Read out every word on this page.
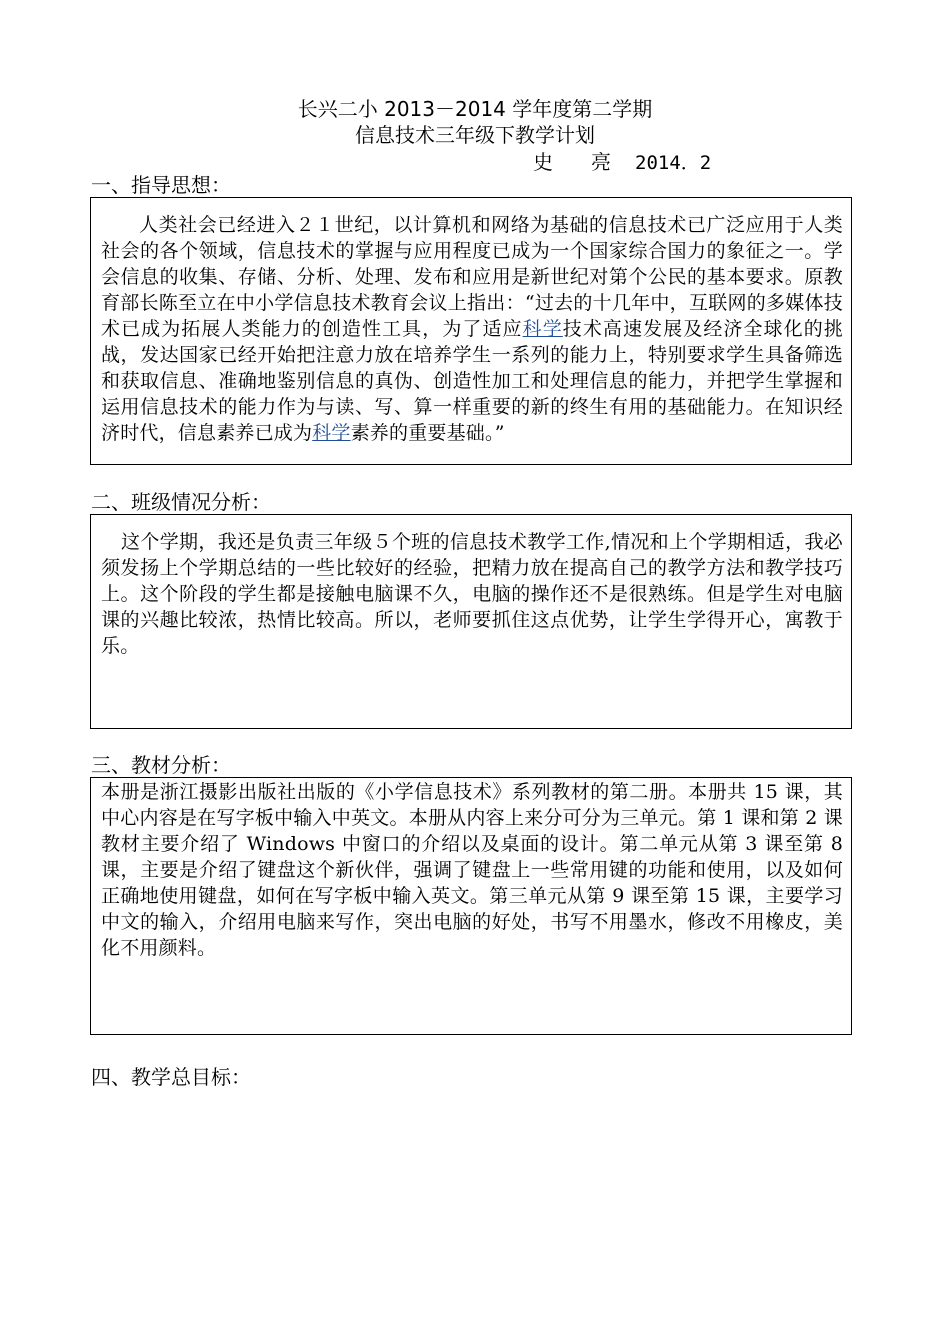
长兴二小 2013－2014 学年度第二学期
信息技术三年级下教学计划
史 亮 2014．2
一、指导思想：

人类社会已经进入２１世纪，以计算机和网络为基础的信息技术已广泛应用于人类社会的各个领域，信息技术的掌握与应用程度已成为一个国家综合国力的象征之一。学会信息的收集、存储、分析、处理、发布和应用是新世纪对第个公民的基本要求。原教育部长陈至立在中小学信息技术教育会议上指出：“过去的十几年中，互联网的多媒体技术已成为拓展人类能力的创造性工具，为了适应科学技术高速发展及经济全球化的挑战，发达国家已经开始把注意力放在培养学生一系列的能力上，特别要求学生具备筛选和获取信息、准确地鉴别信息的真伪、创造性加工和处理信息的能力，并把学生掌握和运用信息技术的能力作为与读、写、算一样重要的新的终生有用的基础能力。在知识经济时代，信息素养已成为科学素养的重要基础。”

二、班级情况分析：

这个学期，我还是负责三年级５个班的信息技术教学工作,情况和上个学期相适，我必须发扬上个学期总结的一些比较好的经验，把精力放在提高自己的教学方法和教学技巧上。这个阶段的学生都是接触电脑课不久，电脑的操作还不是很熟练。但是学生对电脑课的兴趣比较浓，热情比较高。所以，老师要抓住这点优势，让学生学得开心，寓教于乐。

三、教材分析：

本册是浙江摄影出版社出版的《小学信息技术》系列教材的第二册。本册共 15 课，其中心内容是在写字板中输入中英文。本册从内容上来分可分为三单元。第 1 课和第 2 课教材主要介绍了 Windows 中窗口的介绍以及桌面的设计。第二单元从第 3 课至第 8 课，主要是介绍了键盘这个新伙伴，强调了键盘上一些常用键的功能和使用，以及如何正确地使用键盘，如何在写字板中输入英文。第三单元从第 9 课至第 15 课，主要学习中文的输入，介绍用电脑来写作，突出电脑的好处，书写不用墨水，修改不用橡皮，美化不用颜料。

四、教学总目标：
